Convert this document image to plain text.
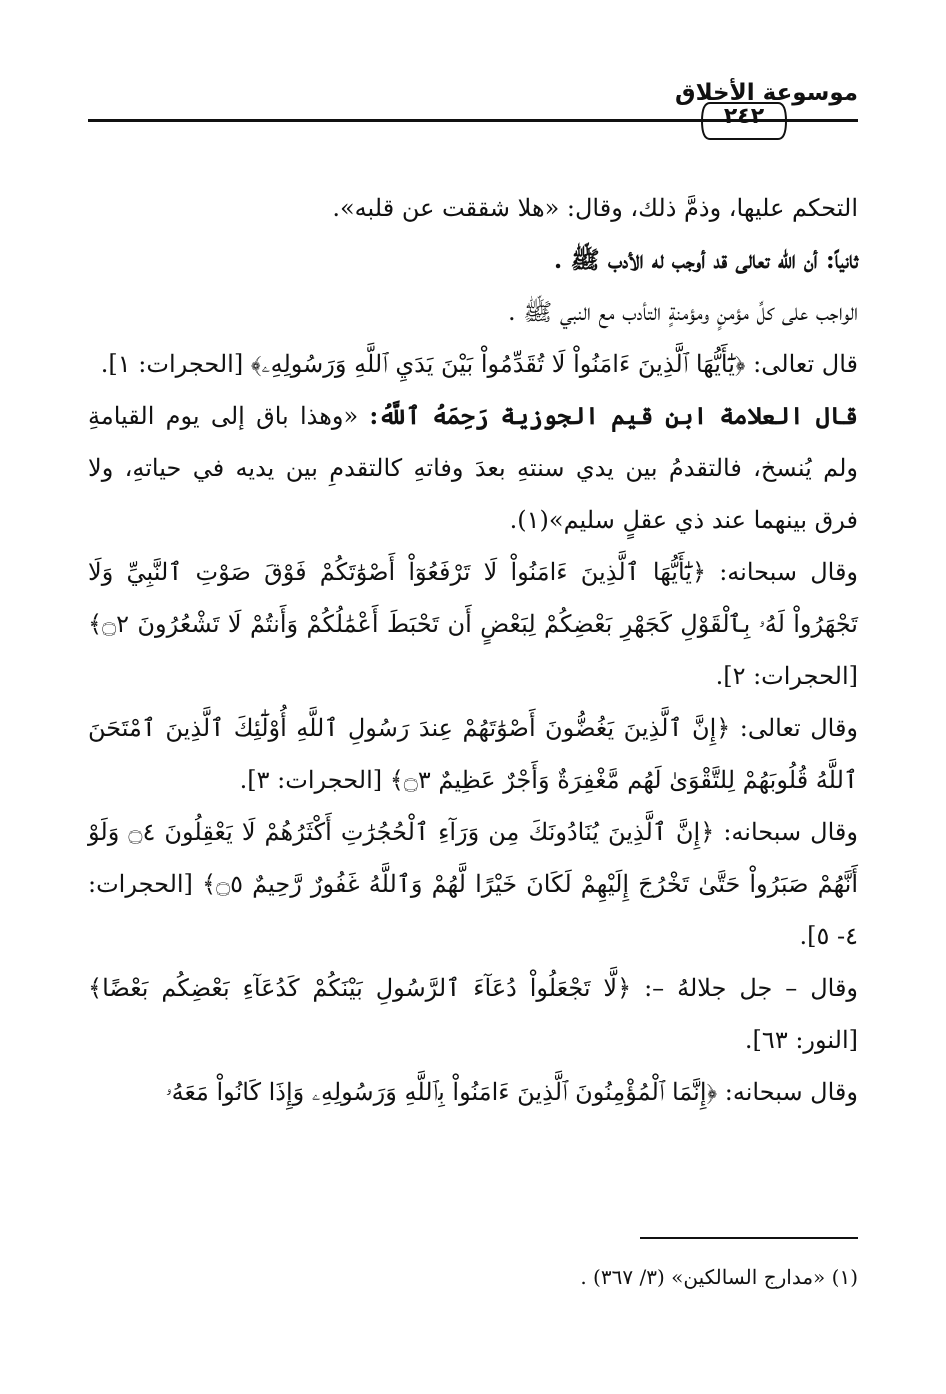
٢٤٢
موسوعة الأخلاق

التحكم عليها، وذمَّ ذلك، وقال: «هلا شققت عن قلبه».

ثانياً: أن اللّه تعالى قد أوجب له الأدب ﷺ .

الواجب على كلِّ مؤمنٍ ومؤمنةٍ التأدب مع النبي ﷺ .

قال تعالى: ﴿يَٰٓأَيُّهَا ٱلَّذِينَ ءَامَنُواْ لَا تُقَدِّمُواْ بَيْنَ يَدَيِ ٱللَّهِ وَرَسُولِهِۦ﴾ [الحجرات: ١].

قال العلامة ابن قيم الجوزية رَحِمَهُ ٱللَّهُ: «وهذا باق إلى يوم القيامةِ ولم يُنسخ، فالتقدمُ بين يدي سنتهِ بعدَ وفاتهِ كالتقدمِ بين يديه في حياتهِ، ولا فرق بينهما عند ذي عقلٍ سليم»(١).

وقال سبحانه: ﴿يَٰٓأَيُّهَا ٱلَّذِينَ ءَامَنُواْ لَا تَرْفَعُوٓاْ أَصْوَٰتَكُمْ فَوْقَ صَوْتِ ٱلنَّبِيِّ وَلَا تَجْهَرُواْ لَهُۥ بِٱلْقَوْلِ كَجَهْرِ بَعْضِكُمْ لِبَعْضٍ أَن تَحْبَطَ أَعْمَٰلُكُمْ وَأَنتُمْ لَا تَشْعُرُونَ ۝٢﴾ [الحجرات: ٢].

وقال تعالى: ﴿إِنَّ ٱلَّذِينَ يَغُضُّونَ أَصْوَٰتَهُمْ عِندَ رَسُولِ ٱللَّهِ أُوْلَٰٓئِكَ ٱلَّذِينَ ٱمْتَحَنَ ٱللَّهُ قُلُوبَهُمْ لِلتَّقْوَىٰ لَهُم مَّغْفِرَةٌ وَأَجْرٌ عَظِيمٌ ۝٣﴾ [الحجرات: ٣].

وقال سبحانه: ﴿إِنَّ ٱلَّذِينَ يُنَادُونَكَ مِن وَرَآءِ ٱلْحُجُرَٰتِ أَكْثَرُهُمْ لَا يَعْقِلُونَ ۝٤ وَلَوْ أَنَّهُمْ صَبَرُواْ حَتَّىٰ تَخْرُجَ إِلَيْهِمْ لَكَانَ خَيْرًا لَّهُمْ وَٱللَّهُ غَفُورٌ رَّحِيمٌ ۝٥﴾ [الحجرات: ٤- ٥].

وقال – جل جلالهُ –: ﴿لَّا تَجْعَلُواْ دُعَآءَ ٱلرَّسُولِ بَيْنَكُمْ كَدُعَآءِ بَعْضِكُم بَعْضًا﴾ [النور: ٦٣].

وقال سبحانه: ﴿إِنَّمَا ٱلْمُؤْمِنُونَ ٱلَّذِينَ ءَامَنُواْ بِٱللَّهِ وَرَسُولِهِۦ وَإِذَا كَانُواْ مَعَهُۥ

(١) «مدارج السالكين» (٣/ ٣٦٧) .
